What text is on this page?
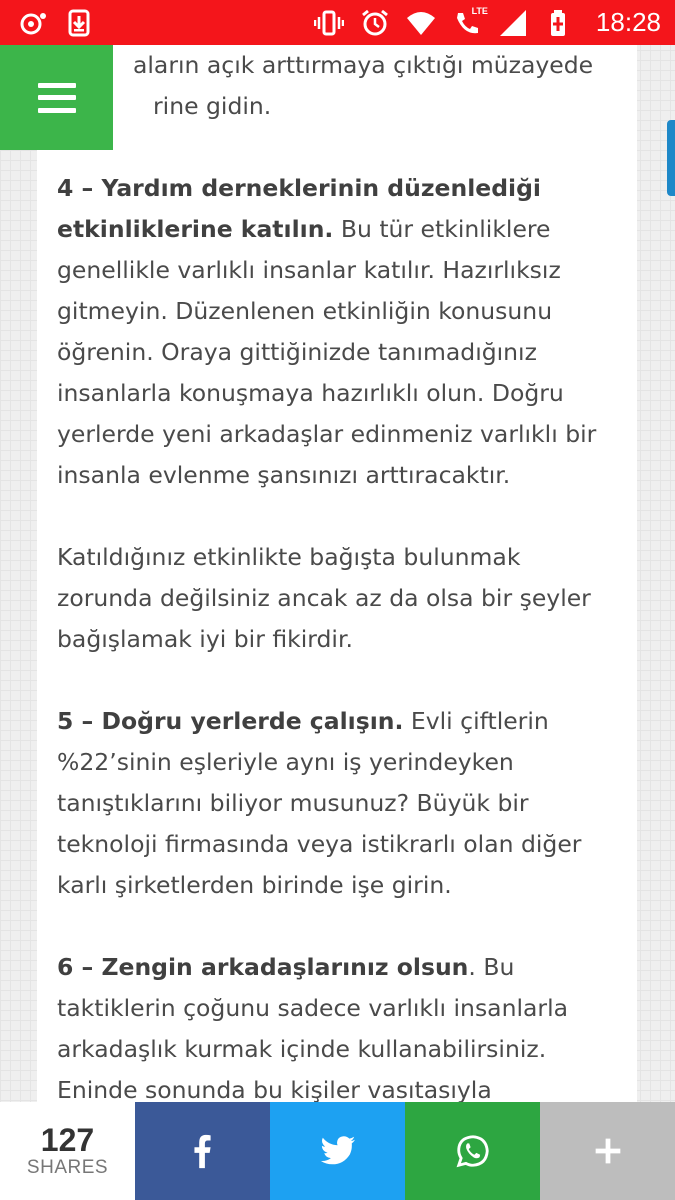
LTE	18:28

aların açık arttırmaya çıktığı müzayede
rine gidin.

4 – Yardım derneklerinin düzenlediği etkinliklerine katılın. Bu tür etkinliklere genellikle varlıklı insanlar katılır. Hazırlıksız gitmeyin. Düzenlenen etkinliğin konusunu öğrenin. Oraya gittiğinizde tanımadığınız insanlarla konuşmaya hazırlıklı olun. Doğru yerlerde yeni arkadaşlar edinmeniz varlıklı bir insanla evlenme şansınızı arttıracaktır.

Katıldığınız etkinlikte bağışta bulunmak zorunda değilsiniz ancak az da olsa bir şeyler bağışlamak iyi bir fikirdir.

5 – Doğru yerlerde çalışın. Evli çiftlerin %22’sinin eşleriyle aynı iş yerindeyken tanıştıklarını biliyor musunuz? Büyük bir teknoloji firmasında veya istikrarlı olan diğer karlı şirketlerden birinde işe girin.

6 – Zengin arkadaşlarınız olsun. Bu taktiklerin çoğunu sadece varlıklı insanlarla arkadaşlık kurmak içinde kullanabilirsiniz. Eninde sonunda bu kişiler vasıtasıyla

127
SHARES
